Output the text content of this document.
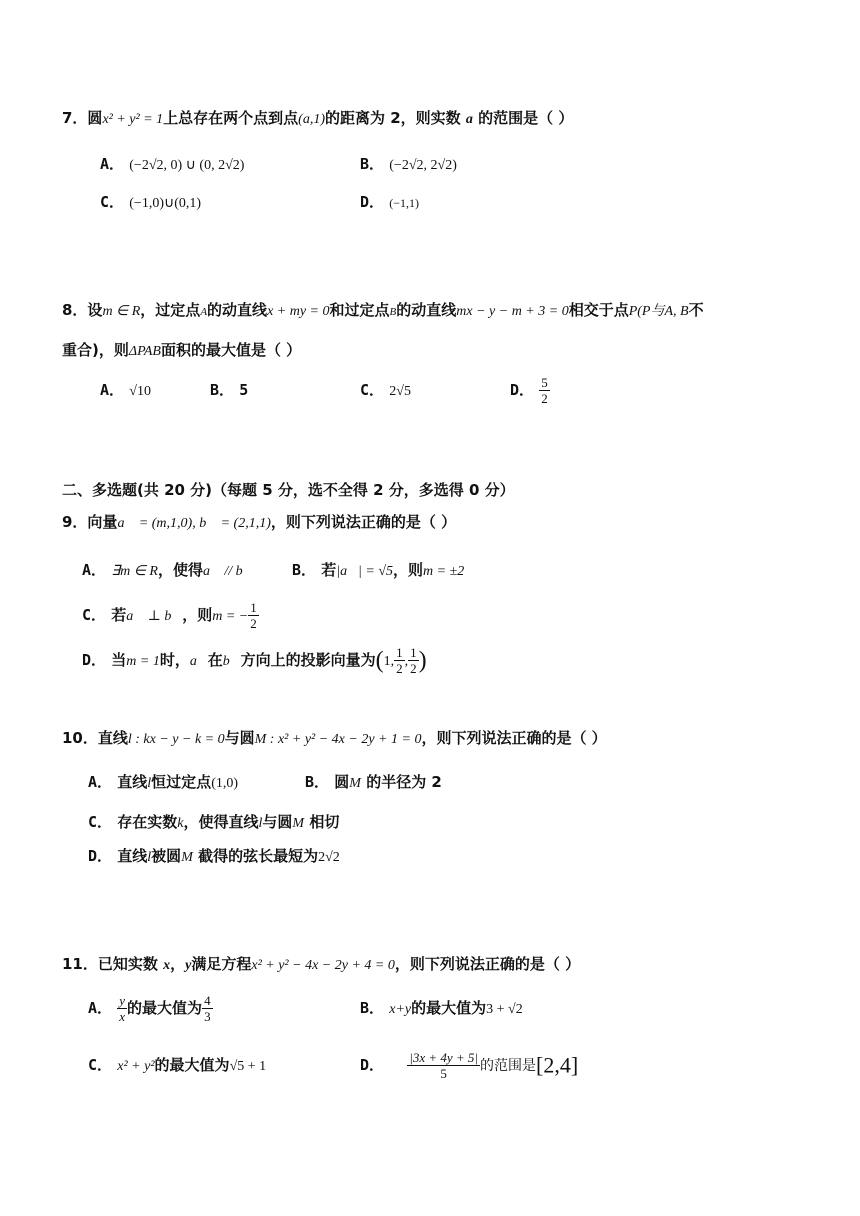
7．圆x² + y² = 1上总存在两个点到点(a,1)的距离为 2，则实数 a 的范围是（ ）
A． (−2√2, 0) ∪ (0, 2√2)	B． (−2√2, 2√2)
C． (−1,0)∪(0,1)	D． (−1,1)
8．设m ∈ R，过定点A的动直线x + my = 0和过定点B的动直线mx − y − m + 3 = 0相交于点P(P与A, B不
重合)，则ΔPAB面积的最大值是（ ）
A． √10	B． 5	C． 2√5	D． $\frac{5}{2}$
二、多选题(共 20 分)（每题 5 分，选不全得 2 分，多选得 0 分）
9．向量a⃗ = (m,1,0), b⃗ = (2,1,1)，则下列说法正确的是（ ）
A． ∃m ∈ R，使得a⃗ // b⃗	B． 若|a⃗| = √5，则m = ±2
C． 若a⃗ ⊥ b⃗，则m = − $\frac{1}{2}$
D． 当m = 1时，a⃗在b⃗方向上的投影向量为(1, $\frac{1}{2}$ , $\frac{1}{2}$ )
10．直线l : kx − y − k = 0与圆M : x² + y² − 4x − 2y + 1 = 0，则下列说法正确的是（ ）
A． 直线l恒过定点(1,0)	B． 圆M 的半径为 2
C． 存在实数k，使得直线l与圆M 相切
D． 直线l被圆M 截得的弦长最短为2√2
11．已知实数 x，y满足方程x² + y² − 4x − 2y + 4 = 0，则下列说法正确的是（ ）
A． $\frac{y}{x}$ 的最大值为 $\frac{4}{3}$	B． x+y的最大值为3 + √2
C． x² + y²的最大值为√5 + 1	D． $\frac{|3x + 4y + 5|}{5}$ 的范围是[2,4]
